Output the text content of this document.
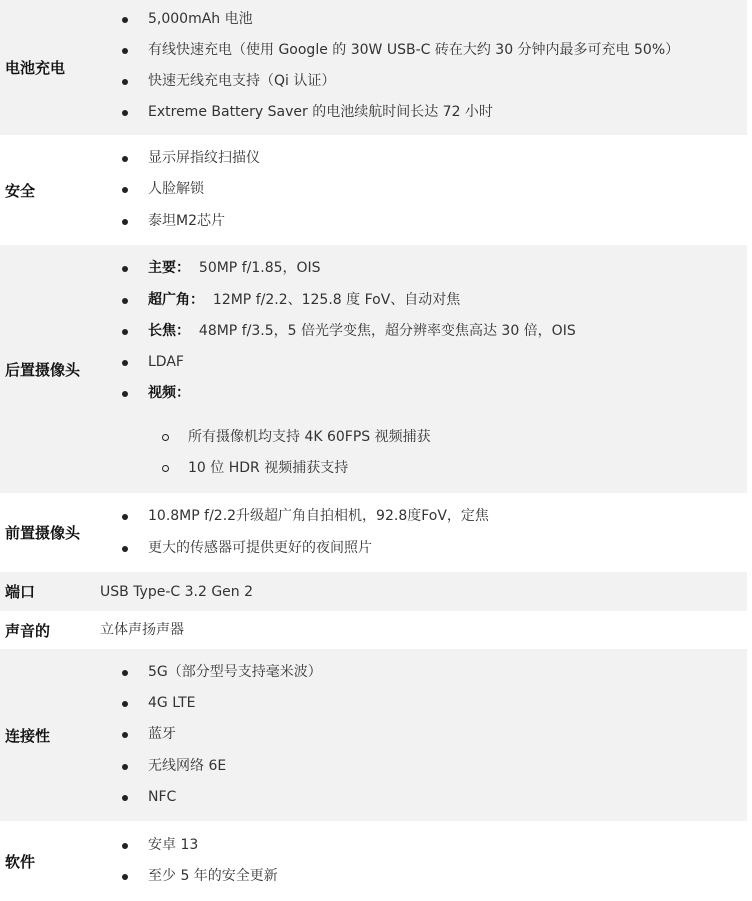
电池充电
5,000mAh 电池
有线快速充电（使用 Google 的 30W USB-C 砖在大约 30 分钟内最多可充电 50%）
快速无线充电支持（Qi 认证）
Extreme Battery Saver 的电池续航时间长达 72 小时
安全
显示屏指纹扫描仪
人脸解锁
泰坦M2芯片
后置摄像头
主要： 50MP f/1.85，OIS
超广角： 12MP f/2.2、125.8 度 FoV、自动对焦
长焦： 48MP f/3.5，5 倍光学变焦，超分辨率变焦高达 30 倍，OIS
LDAF
视频：
所有摄像机均支持 4K 60FPS 视频捕获
10 位 HDR 视频捕获支持
前置摄像头
10.8MP f/2.2升级超广角自拍相机，92.8度FoV，定焦
更大的传感器可提供更好的夜间照片
端口	USB Type-C 3.2 Gen 2
声音的	立体声扬声器
连接性
5G（部分型号支持毫米波）
4G LTE
蓝牙
无线网络 6E
NFC
软件
安卓 13
至少 5 年的安全更新
